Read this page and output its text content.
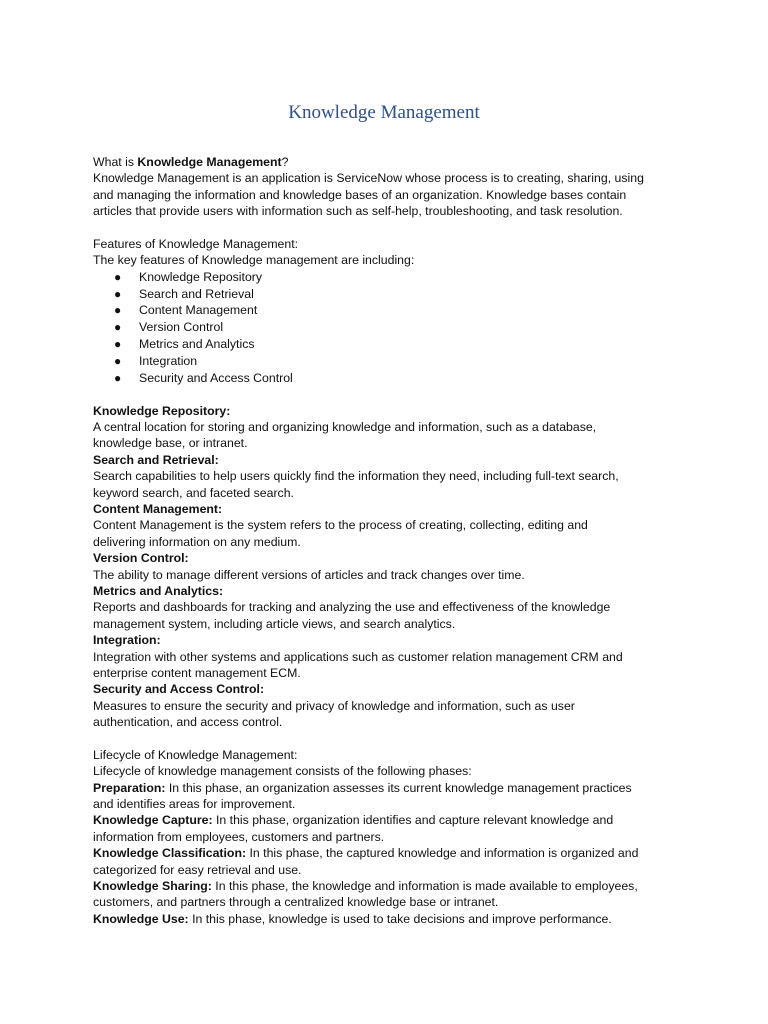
Knowledge Management
What is Knowledge Management?
Knowledge Management is an application is ServiceNow whose process is to creating, sharing, using
and managing the information and knowledge bases of an organization. Knowledge bases contain
articles that provide users with information such as self-help, troubleshooting, and task resolution.
Features of Knowledge Management:
The key features of Knowledge management are including:
● Knowledge Repository
● Search and Retrieval
● Content Management
● Version Control
● Metrics and Analytics
● Integration
● Security and Access Control
Knowledge Repository:
A central location for storing and organizing knowledge and information, such as a database,
knowledge base, or intranet.
Search and Retrieval:
Search capabilities to help users quickly find the information they need, including full-text search,
keyword search, and faceted search.
Content Management:
Content Management is the system refers to the process of creating, collecting, editing and
delivering information on any medium.
Version Control:
The ability to manage different versions of articles and track changes over time.
Metrics and Analytics:
Reports and dashboards for tracking and analyzing the use and effectiveness of the knowledge
management system, including article views, and search analytics.
Integration:
Integration with other systems and applications such as customer relation management CRM and
enterprise content management ECM.
Security and Access Control:
Measures to ensure the security and privacy of knowledge and information, such as user
authentication, and access control.
Lifecycle of Knowledge Management:
Lifecycle of knowledge management consists of the following phases:
Preparation: In this phase, an organization assesses its current knowledge management practices
and identifies areas for improvement.
Knowledge Capture: In this phase, organization identifies and capture relevant knowledge and
information from employees, customers and partners.
Knowledge Classification: In this phase, the captured knowledge and information is organized and
categorized for easy retrieval and use.
Knowledge Sharing: In this phase, the knowledge and information is made available to employees,
customers, and partners through a centralized knowledge base or intranet.
Knowledge Use: In this phase, knowledge is used to take decisions and improve performance.
